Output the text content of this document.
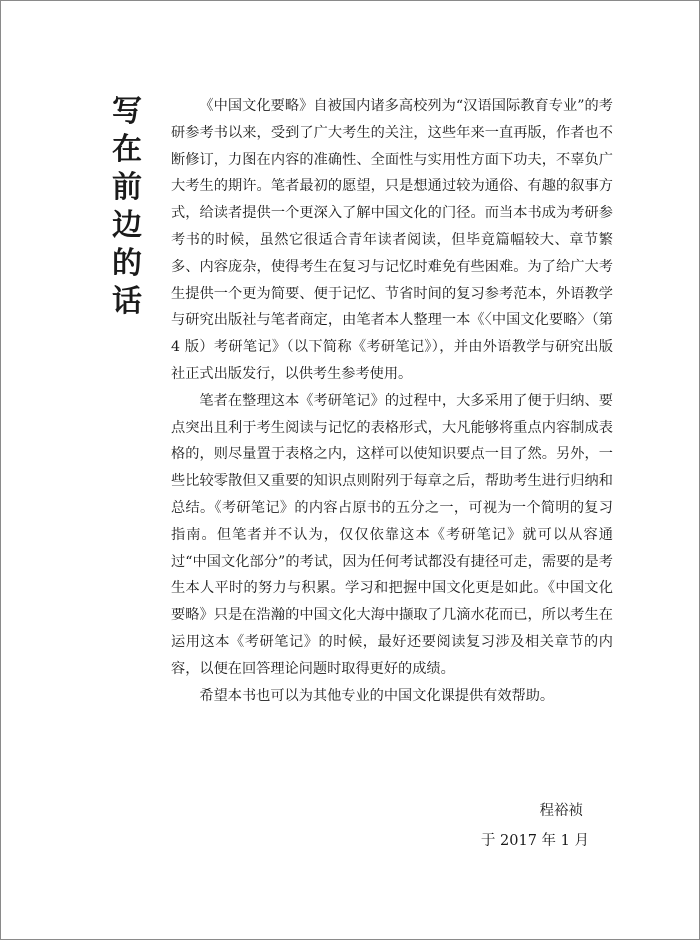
写
在
前
边
的
话

《中国文化要略》自被国内诸多高校列为“汉语国际教育专业”的考研参考书以来，受到了广大考生的关注，这些年来一直再版，作者也不断修订，力图在内容的准确性、全面性与实用性方面下功夫，不辜负广大考生的期许。笔者最初的愿望，只是想通过较为通俗、有趣的叙事方式，给读者提供一个更深入了解中国文化的门径。而当本书成为考研参考书的时候，虽然它很适合青年读者阅读，但毕竟篇幅较大、章节繁多、内容庞杂，使得考生在复习与记忆时难免有些困难。为了给广大考生提供一个更为简要、便于记忆、节省时间的复习参考范本，外语教学与研究出版社与笔者商定，由笔者本人整理一本《〈中国文化要略〉（第 4 版）考研笔记》（以下简称《考研笔记》），并由外语教学与研究出版社正式出版发行，以供考生参考使用。

笔者在整理这本《考研笔记》的过程中，大多采用了便于归纳、要点突出且利于考生阅读与记忆的表格形式，大凡能够将重点内容制成表格的，则尽量置于表格之内，这样可以使知识要点一目了然。另外，一些比较零散但又重要的知识点则附列于每章之后，帮助考生进行归纳和总结。《考研笔记》的内容占原书的五分之一，可视为一个简明的复习指南。但笔者并不认为，仅仅依靠这本《考研笔记》就可以从容通过“中国文化部分”的考试，因为任何考试都没有捷径可走，需要的是考生本人平时的努力与积累。学习和把握中国文化更是如此。《中国文化要略》只是在浩瀚的中国文化大海中撷取了几滴水花而已，所以考生在运用这本《考研笔记》的时候，最好还要阅读复习涉及相关章节的内容，以便在回答理论问题时取得更好的成绩。

希望本书也可以为其他专业的中国文化课提供有效帮助。

程裕祯
于 2017 年 1 月
